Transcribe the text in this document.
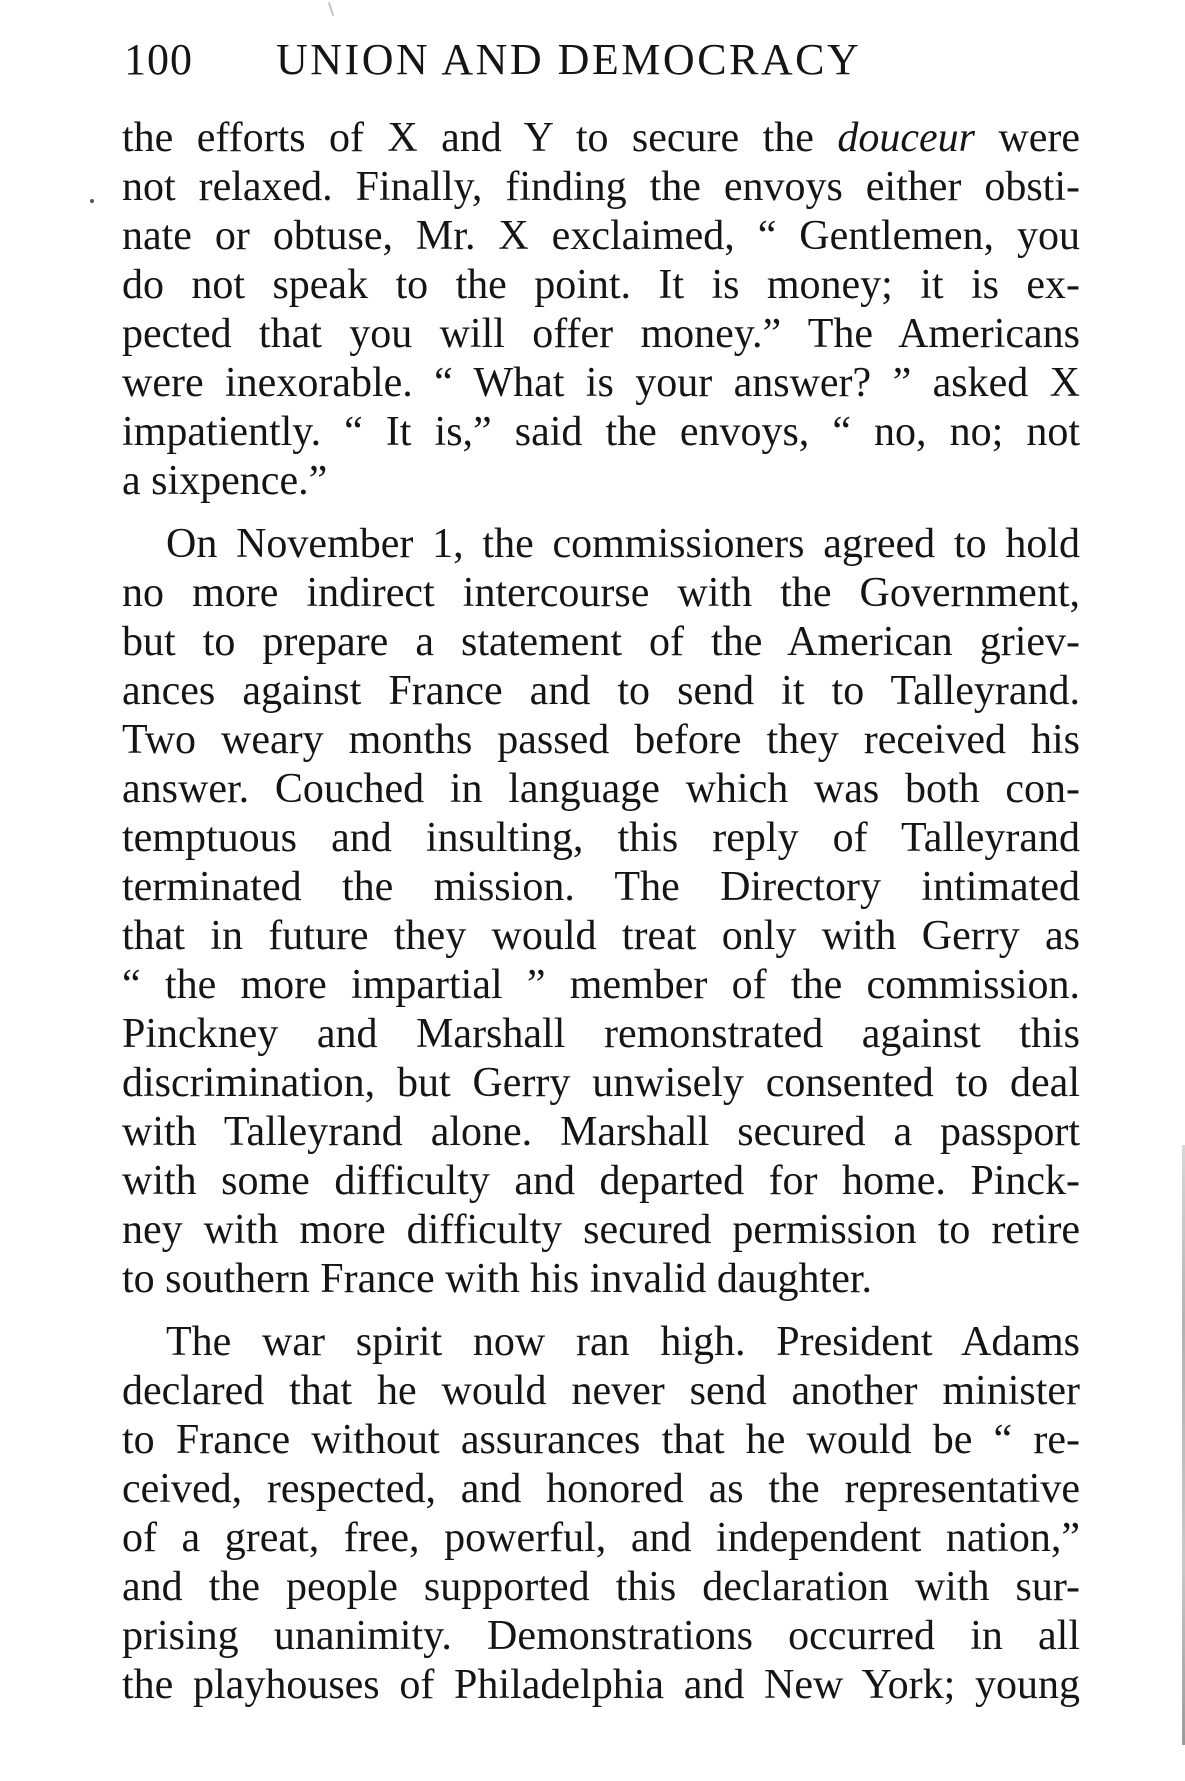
100 UNION AND DEMOCRACY
the efforts of X and Y to secure the douceur were
not relaxed. Finally, finding the envoys either obsti-
nate or obtuse, Mr. X exclaimed, “ Gentlemen, you
do not speak to the point. It is money; it is ex-
pected that you will offer money.” The Americans
were inexorable. “ What is your answer? ” asked X
impatiently. “ It is,” said the envoys, “ no, no; not
a sixpence.”
On November 1, the commissioners agreed to hold
no more indirect intercourse with the Government,
but to prepare a statement of the American griev-
ances against France and to send it to Talleyrand.
Two weary months passed before they received his
answer. Couched in language which was both con-
temptuous and insulting, this reply of Talleyrand
terminated the mission. The Directory intimated
that in future they would treat only with Gerry as
“ the more impartial ” member of the commission.
Pinckney and Marshall remonstrated against this
discrimination, but Gerry unwisely consented to deal
with Talleyrand alone. Marshall secured a passport
with some difficulty and departed for home. Pinck-
ney with more difficulty secured permission to retire
to southern France with his invalid daughter.
The war spirit now ran high. President Adams
declared that he would never send another minister
to France without assurances that he would be “ re-
ceived, respected, and honored as the representative
of a great, free, powerful, and independent nation,”
and the people supported this declaration with sur-
prising unanimity. Demonstrations occurred in all
the playhouses of Philadelphia and New York; young
